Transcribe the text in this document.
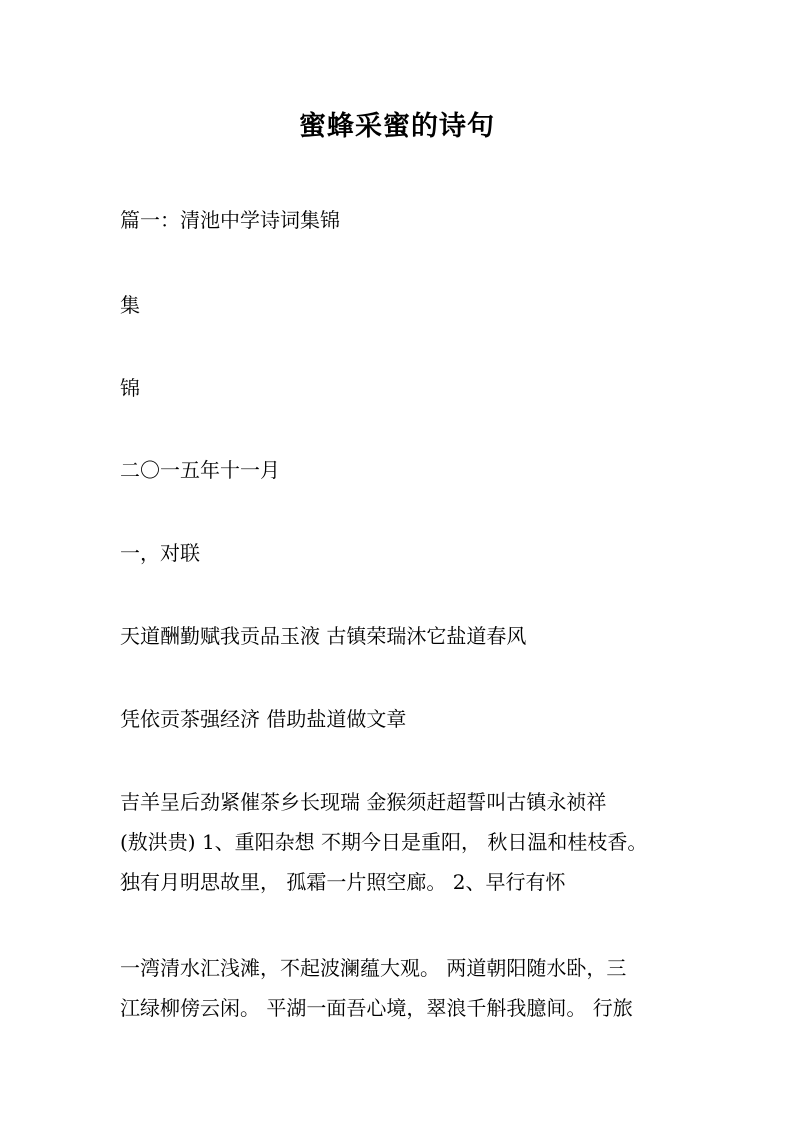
蜜蜂采蜜的诗句
篇一：清池中学诗词集锦
集
锦
二〇一五年十一月
一，对联
天道酬勤赋我贡品玉液 古镇荣瑞沐它盐道春风
凭依贡茶强经济 借助盐道做文章

吉羊呈后劲紧催茶乡长现瑞 金猴须赶超誓叫古镇永祯祥

(敖洪贵) 1、重阳杂想 不期今日是重阳， 秋日温和桂枝香。

独有月明思故里， 孤霜一片照空廊。 2、早行有怀

一湾清水汇浅滩，不起波澜蕴大观。 两道朝阳随水卧，三

江绿柳傍云闲。 平湖一面吾心境，翠浪千斛我臆间。 行旅
